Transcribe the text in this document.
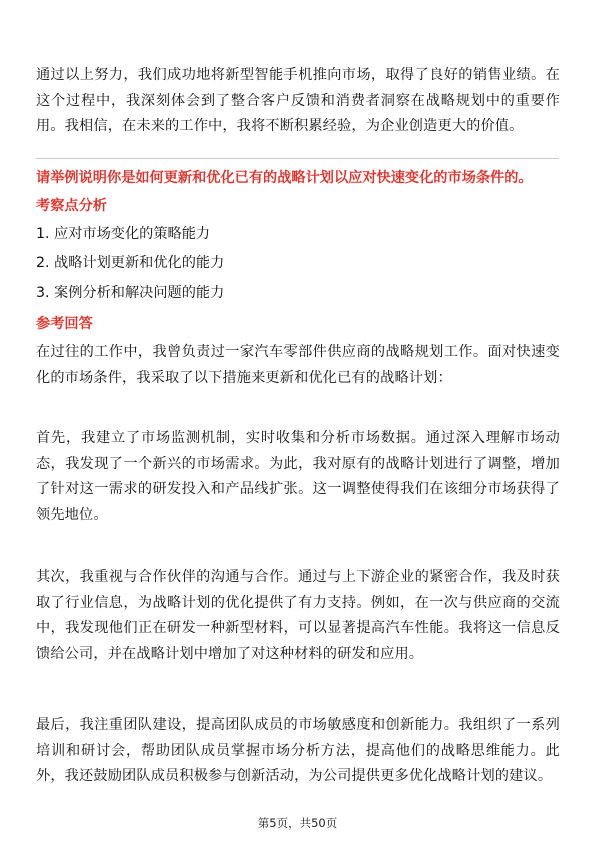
通过以上努力，我们成功地将新型智能手机推向市场，取得了良好的销售业绩。在这个过程中，我深刻体会到了整合客户反馈和消费者洞察在战略规划中的重要作用。我相信，在未来的工作中，我将不断积累经验，为企业创造更大的价值。

请举例说明你是如何更新和优化已有的战略计划以应对快速变化的市场条件的。

考察点分析

1. 应对市场变化的策略能力

2. 战略计划更新和优化的能力

3. 案例分析和解决问题的能力

参考回答

在过往的工作中，我曾负责过一家汽车零部件供应商的战略规划工作。面对快速变化的市场条件，我采取了以下措施来更新和优化已有的战略计划：

首先，我建立了市场监测机制，实时收集和分析市场数据。通过深入理解市场动态，我发现了一个新兴的市场需求。为此，我对原有的战略计划进行了调整，增加了针对这一需求的研发投入和产品线扩张。这一调整使得我们在该细分市场获得了领先地位。

其次，我重视与合作伙伴的沟通与合作。通过与上下游企业的紧密合作，我及时获取了行业信息，为战略计划的优化提供了有力支持。例如，在一次与供应商的交流中，我发现他们正在研发一种新型材料，可以显著提高汽车性能。我将这一信息反馈给公司，并在战略计划中增加了对这种材料的研发和应用。

最后，我注重团队建设，提高团队成员的市场敏感度和创新能力。我组织了一系列培训和研讨会，帮助团队成员掌握市场分析方法，提高他们的战略思维能力。此外，我还鼓励团队成员积极参与创新活动，为公司提供更多优化战略计划的建议。

第5页，共50页
